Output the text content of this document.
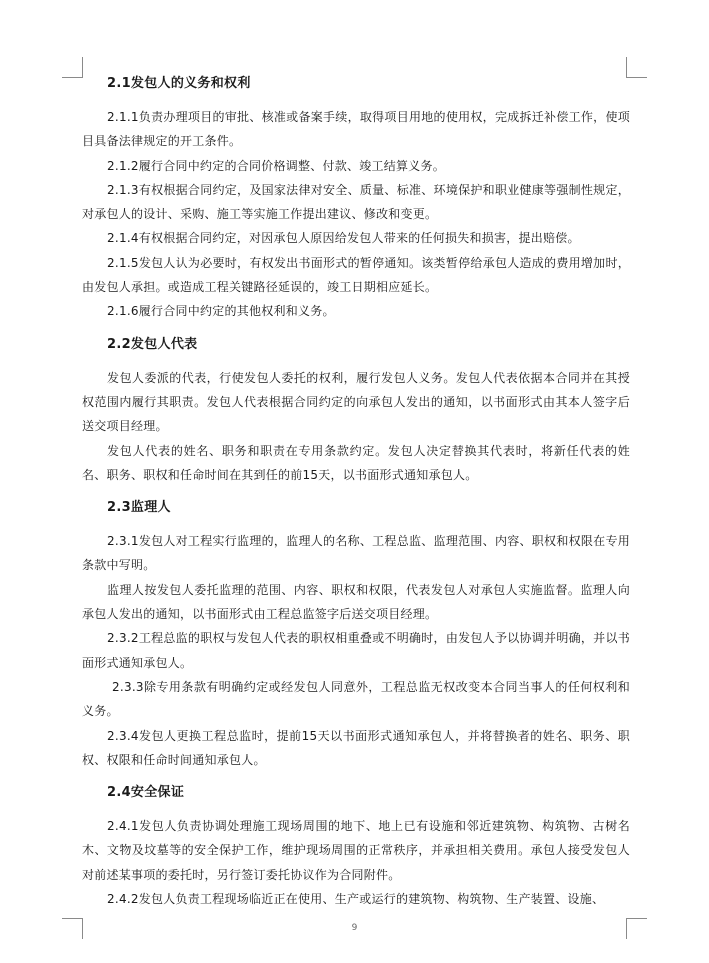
2.1发包人的义务和权利

2.1.1负责办理项目的审批、核准或备案手续，取得项目用地的使用权，完成拆迁补偿工作，使项目具备法律规定的开工条件。

2.1.2履行合同中约定的合同价格调整、付款、竣工结算义务。

2.1.3有权根据合同约定，及国家法律对安全、质量、标准、环境保护和职业健康等强制性规定，对承包人的设计、采购、施工等实施工作提出建议、修改和变更。

2.1.4有权根据合同约定，对因承包人原因给发包人带来的任何损失和损害，提出赔偿。

2.1.5发包人认为必要时，有权发出书面形式的暂停通知。该类暂停给承包人造成的费用增加时，由发包人承担。或造成工程关键路径延误的，竣工日期相应延长。

2.1.6履行合同中约定的其他权利和义务。

2.2发包人代表

发包人委派的代表，行使发包人委托的权利，履行发包人义务。发包人代表依据本合同并在其授权范围内履行其职责。发包人代表根据合同约定的向承包人发出的通知，以书面形式由其本人签字后送交项目经理。

发包人代表的姓名、职务和职责在专用条款约定。发包人决定替换其代表时，将新任代表的姓名、职务、职权和任命时间在其到任的前15天，以书面形式通知承包人。

2.3监理人

2.3.1发包人对工程实行监理的，监理人的名称、工程总监、监理范围、内容、职权和权限在专用条款中写明。

监理人按发包人委托监理的范围、内容、职权和权限，代表发包人对承包人实施监督。监理人向承包人发出的通知，以书面形式由工程总监签字后送交项目经理。

2.3.2工程总监的职权与发包人代表的职权相重叠或不明确时，由发包人予以协调并明确，并以书面形式通知承包人。

2.3.3除专用条款有明确约定或经发包人同意外，工程总监无权改变本合同当事人的任何权利和义务。

2.3.4发包人更换工程总监时，提前15天以书面形式通知承包人，并将替换者的姓名、职务、职权、权限和任命时间通知承包人。

2.4安全保证

2.4.1发包人负责协调处理施工现场周围的地下、地上已有设施和邻近建筑物、构筑物、古树名木、文物及坟墓等的安全保护工作，维护现场周围的正常秩序，并承担相关费用。承包人接受发包人对前述某事项的委托时，另行签订委托协议作为合同附件。

2.4.2发包人负责工程现场临近正在使用、生产或运行的建筑物、构筑物、生产装置、设施、

9
